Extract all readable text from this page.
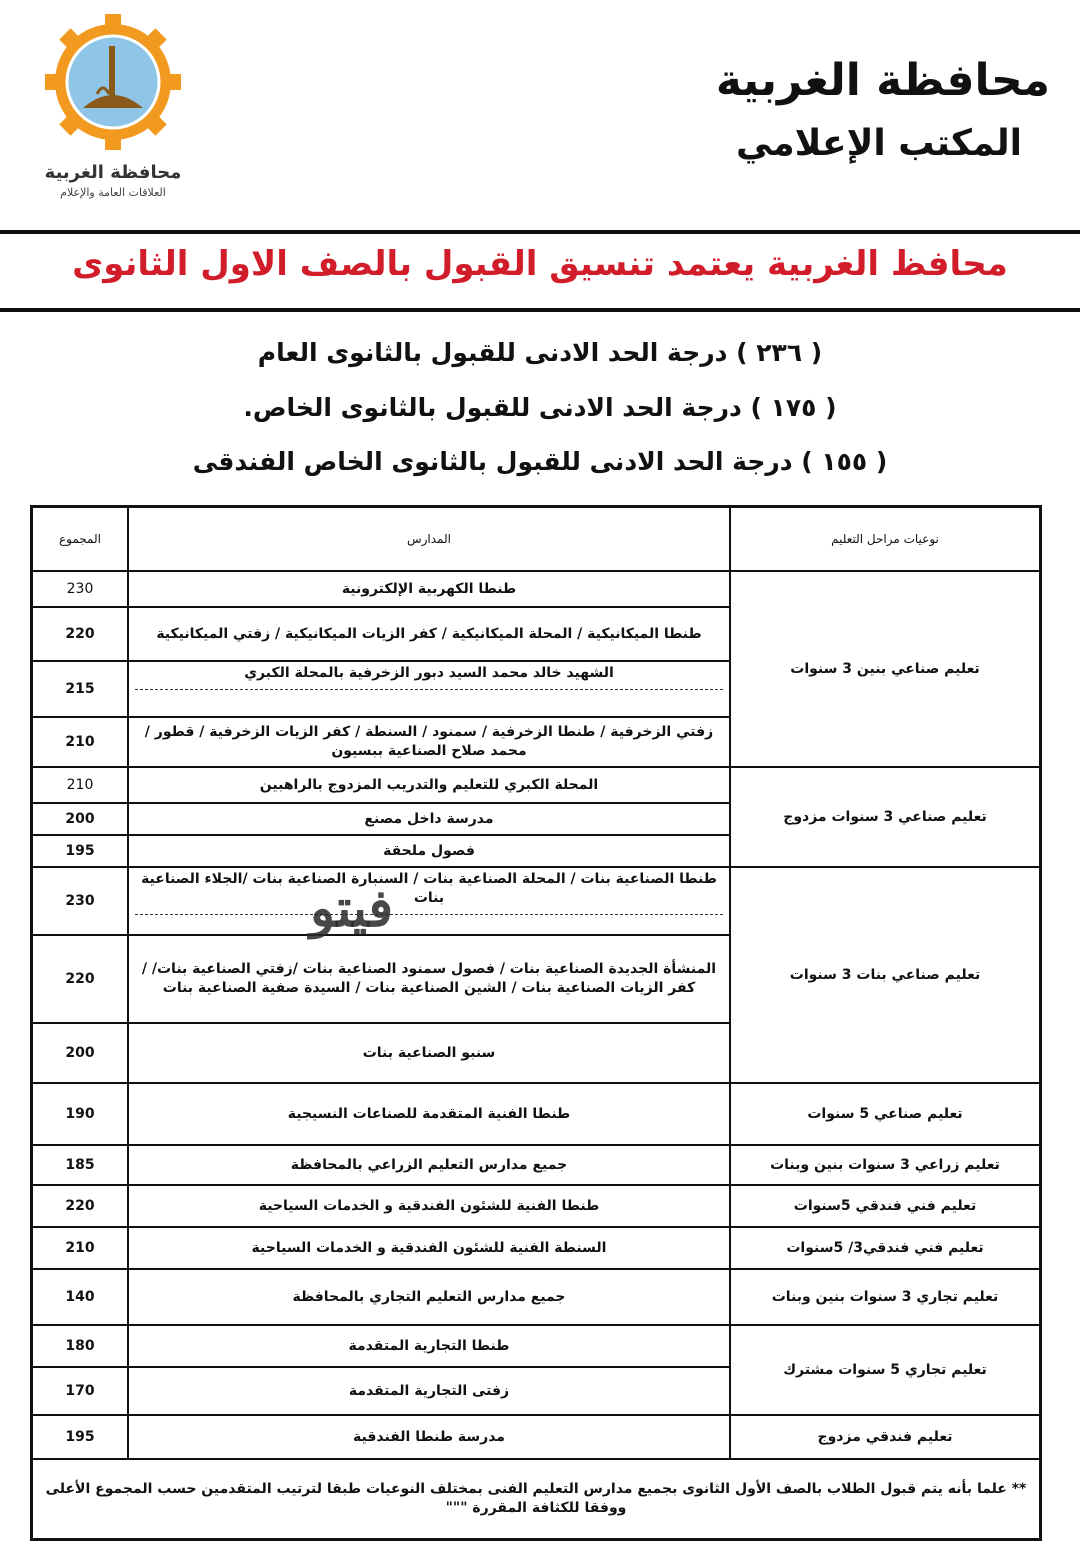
محافظة الغربية
العلاقات العامة والإعلام
محافظة الغربية
المكتب الإعلامي
محافظ الغربية يعتمد تنسيق القبول بالصف الاول الثانوى
( ٢٣٦ ) درجة الحد الادنى للقبول بالثانوى العام
( ١٧٥ ) درجة الحد الادنى للقبول بالثانوى الخاص.
( ١٥٥ ) درجة الحد الادنى للقبول بالثانوى الخاص الفندقى
نوعيات مراحل التعليم	المدارس	المجموع
تعليم صناعي بنين 3 سنوات	طنطا الكهربية الإلكترونية	230
	طنطا الميكانيكية / المحلة الميكانيكية / كفر الزيات الميكانيكية / زفتي الميكانيكية	220
	الشهيد خالد محمد السيد دبور الزخرفية بالمحلة الكبري	215
	زفتي الزخرفية / طنطا الزخرفية / سمنود / السنطة / كفر الزيات الزخرفية / قطور /محمد صلاح الصناعية ببسيون	210
تعليم صناعي 3 سنوات مزدوج	المحلة الكبري للتعليم والتدريب المزدوج بالراهبين	210
	مدرسة داخل مصنع	200
	فصول ملحقة	195
تعليم صناعي بنات 3 سنوات	طنطا الصناعية بنات / المحلة الصناعية بنات / السنبارة الصناعية بنات /الجلاء الصناعية بنات	230
	المنشأة الجديدة الصناعية بنات / فصول سمنود الصناعية بنات /زفتي الصناعية بنات/ / كفر الزيات الصناعية بنات / الشين الصناعية بنات / السيدة صفية الصناعية بنات	220
	سنبو الصناعية بنات	200
تعليم صناعي 5 سنوات	طنطا الفنية المتقدمة للصناعات النسيجية	190
تعليم زراعي 3 سنوات بنين وبنات	جميع مدارس التعليم الزراعي بالمحافظة	185
تعليم فني فندقي 5سنوات	طنطا الفنية للشئون الفندقية و الخدمات السياحية	220
تعليم فني فندقي3/ 5سنوات	السنطة الفنية للشئون الفندقية و الخدمات السياحية	210
تعليم تجاري 3 سنوات بنين وبنات	جميع مدارس التعليم التجاري بالمحافظة	140
تعليم تجاري 5 سنوات مشترك	طنطا التجارية المتقدمة	180
	زفتى التجارية المتقدمة	170
تعليم فندقي مزدوج	مدرسة طنطا الفندقية	195
** علما بأنه يتم قبول الطلاب بالصف الأول الثانوى بجميع مدارس التعليم الفنى بمختلف النوعيات طبقا لترتيب المتقدمين حسب المجموع الأعلى ووفقا للكثافة المقررة """		
فيتو
